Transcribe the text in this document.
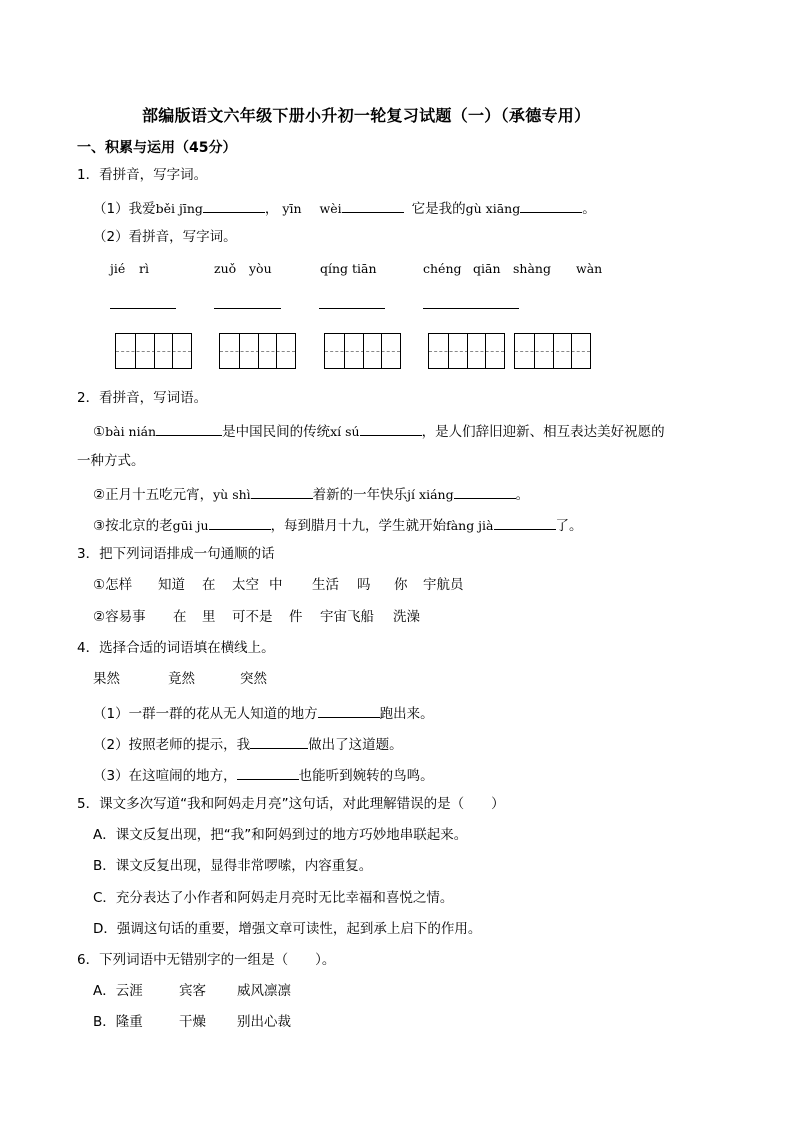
部编版语文六年级下册小升初一轮复习试题（一）（承德专用）
一、积累与运用（45分）
1．看拼音，写字词。
（1）我爱běi jīng	， yīn wèi	它是我的gù xiāng	。
（2）看拼音，写字词。
jié rì	zuǒ yòu	qíng tiān	chéng qiān shàng wàn
2．看拼音，写词语。
①bài nián	是中国民间的传统xí sú	，是人们辞旧迎新、相互表达美好祝愿的
一种方式。
②正月十五吃元宵，yù shì	着新的一年快乐jí xiáng	。
③按北京的老gūi ju	，每到腊月十九，学生就开始fàng jià	了。
3．把下列词语排成一句通顺的话
①怎样 知道 在 太空 中 生活 吗 你 宇航员
②容易事 在 里 可不是 件 宇宙飞船 洗澡
4．选择合适的词语填在横线上。
果然	竟然	突然
（1）一群一群的花从无人知道的地方	跑出来。
（2）按照老师的提示，我	做出了这道题。
（3）在这喧闹的地方，	也能听到婉转的鸟鸣。
5．课文多次写道“我和阿妈走月亮”这句话，对此理解错误的是（　　）
A．课文反复出现，把“我”和阿妈到过的地方巧妙地串联起来。
B．课文反复出现，显得非常啰嗦，内容重复。
C．充分表达了小作者和阿妈走月亮时无比幸福和喜悦之情。
D．强调这句话的重要，增强文章可读性，起到承上启下的作用。
6．下列词语中无错别字的一组是（　　）。
A．云涯	宾客 威风凛凛
B．隆重	干燥 别出心裁
